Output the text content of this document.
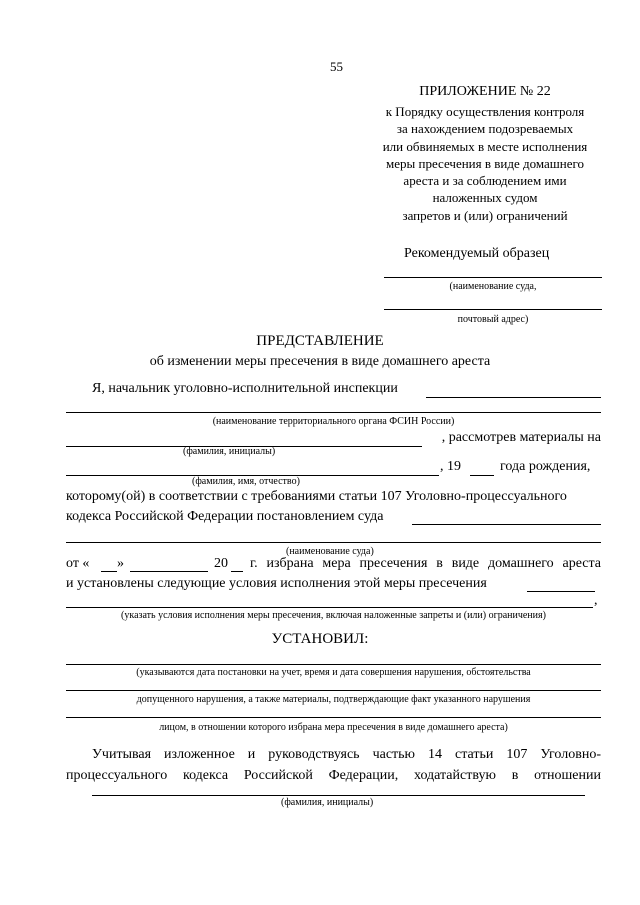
55
ПРИЛОЖЕНИЕ № 22
к Порядку осуществления контроля
за нахождением подозреваемых
или обвиняемых в месте исполнения
меры пресечения в виде домашнего
ареста и за соблюдением ими
наложенных судом
запретов и (или) ограничений
Рекомендуемый образец
(наименование суда,
почтовый адрес)
ПРЕДСТАВЛЕНИЕ
об изменении меры пресечения в виде домашнего ареста
Я, начальник уголовно-исполнительной инспекции
(наименование территориального органа ФСИН России)
, рассмотрев материалы на
(фамилия, инициалы)
, 19	года рождения,
(фамилия, имя, отчество)
которому(ой) в соответствии с требованиями статьи 107 Уголовно-процессуального
кодекса Российской Федерации постановлением суда
(наименование суда)
от « »	20 г. избрана мера пресечения в виде домашнего ареста
и установлены следующие условия исполнения этой меры пресечения
,
(указать условия исполнения меры пресечения, включая наложенные запреты и (или) ограничения)
УСТАНОВИЛ:
(указываются дата постановки на учет, время и дата совершения нарушения, обстоятельства
допущенного нарушения, а также материалы, подтверждающие факт указанного нарушения
лицом, в отношении которого избрана мера пресечения в виде домашнего ареста)
Учитывая изложенное и руководствуясь частью 14 статьи 107 Уголовно-
процессуального кодекса Российской Федерации, ходатайствую в отношении
(фамилия, инициалы)
